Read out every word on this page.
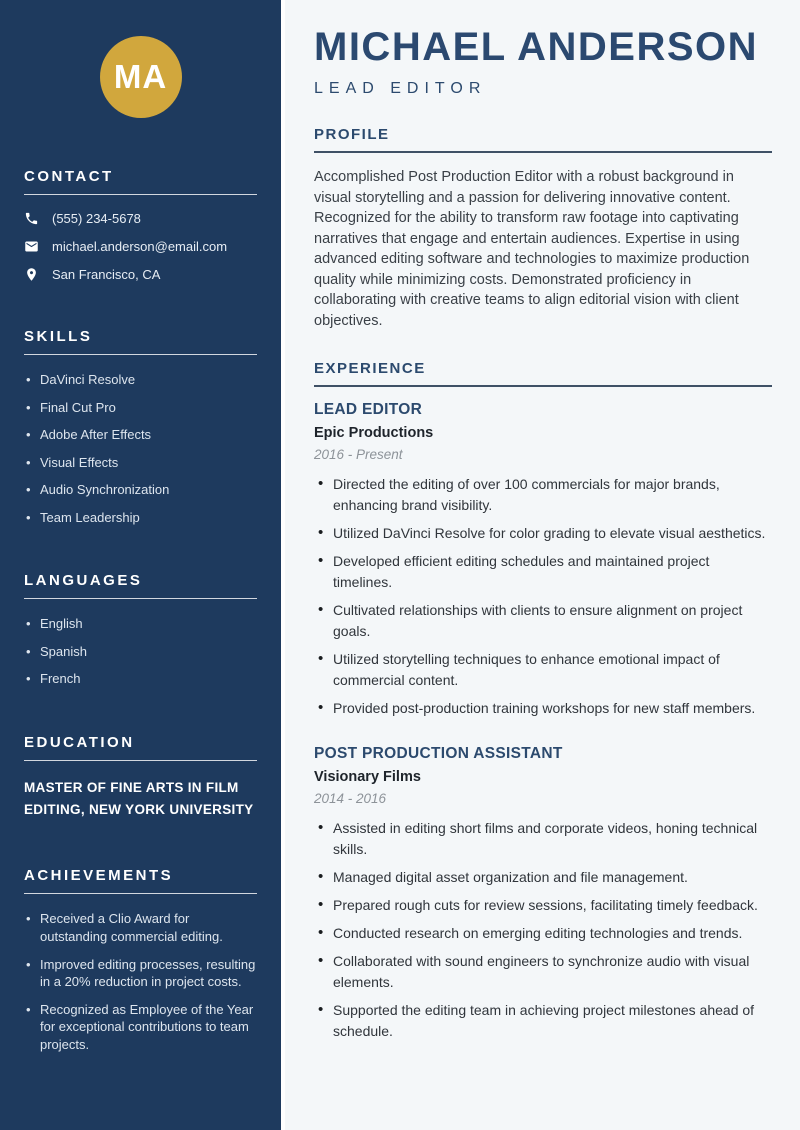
MA
CONTACT
(555) 234-5678
michael.anderson@email.com
San Francisco, CA
SKILLS
• DaVinci Resolve
• Final Cut Pro
• Adobe After Effects
• Visual Effects
• Audio Synchronization
• Team Leadership
LANGUAGES
• English
• Spanish
• French
EDUCATION

MASTER OF FINE ARTS IN FILM EDITING, NEW YORK UNIVERSITY

ACHIEVEMENTS
• Received a Clio Award for outstanding commercial editing.
• Improved editing processes, resulting in a 20% reduction in project costs.
• Recognized as Employee of the Year for exceptional contributions to team projects.
MICHAEL ANDERSON
LEAD EDITOR
PROFILE

Accomplished Post Production Editor with a robust background in visual storytelling and a passion for delivering innovative content. Recognized for the ability to transform raw footage into captivating narratives that engage and entertain audiences. Expertise in using advanced editing software and technologies to maximize production quality while minimizing costs. Demonstrated proficiency in collaborating with creative teams to align editorial vision with client objectives.

EXPERIENCE
LEAD EDITOR
Epic Productions
2016 - Present
• Directed the editing of over 100 commercials for major brands, enhancing brand visibility.
• Utilized DaVinci Resolve for color grading to elevate visual aesthetics.
• Developed efficient editing schedules and maintained project timelines.
• Cultivated relationships with clients to ensure alignment on project goals.
• Utilized storytelling techniques to enhance emotional impact of commercial content.
• Provided post-production training workshops for new staff members.
POST PRODUCTION ASSISTANT
Visionary Films
2014 - 2016
• Assisted in editing short films and corporate videos, honing technical skills.
• Managed digital asset organization and file management.
• Prepared rough cuts for review sessions, facilitating timely feedback.
• Conducted research on emerging editing technologies and trends.
• Collaborated with sound engineers to synchronize audio with visual elements.
• Supported the editing team in achieving project milestones ahead of schedule.
